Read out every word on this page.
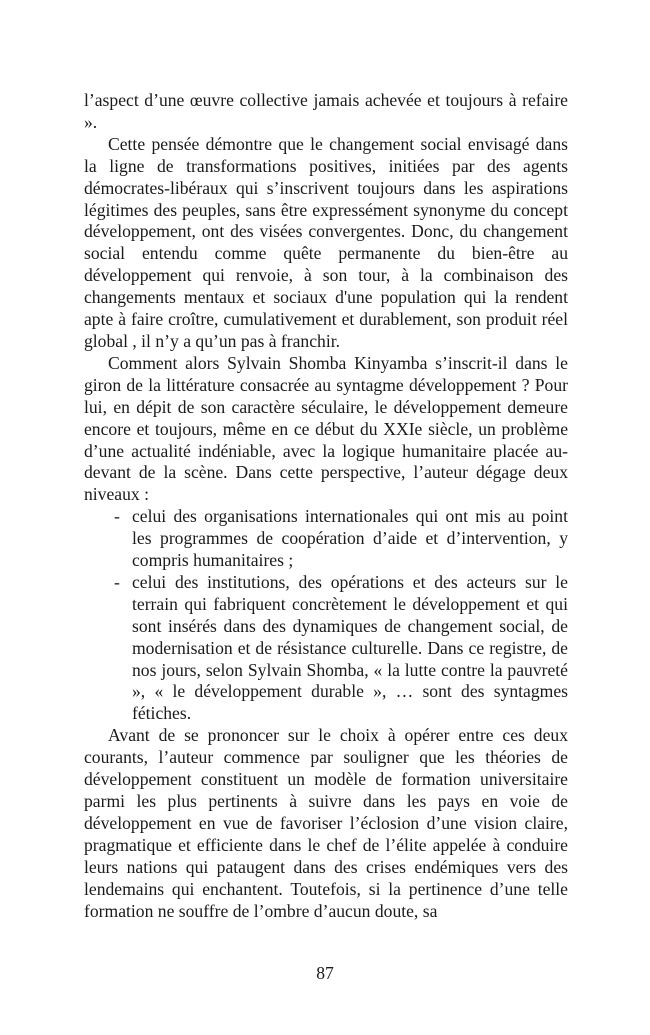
l’aspect d’une œuvre collective jamais achevée et toujours à refaire ».

Cette pensée démontre que le changement social envisagé dans la ligne de transformations positives, initiées par des agents démocrates-libéraux qui s’inscrivent toujours dans les aspirations légitimes des peuples, sans être expressément synonyme du concept développement, ont des visées convergentes. Donc, du changement social entendu comme quête permanente du bien-être au développement qui renvoie, à son tour, à la combinaison des changements mentaux et sociaux d'une population qui la rendent apte à faire croître, cumulativement et durablement, son produit réel global , il n’y a qu’un pas à franchir.

Comment alors Sylvain Shomba Kinyamba s’inscrit-il dans le giron de la littérature consacrée au syntagme développement ? Pour lui, en dépit de son caractère séculaire, le développement demeure encore et toujours, même en ce début du XXIe siècle, un problème d’une actualité indéniable, avec la logique humanitaire placée au-devant de la scène. Dans cette perspective, l’auteur dégage deux niveaux :

- celui des organisations internationales qui ont mis au point les programmes de coopération d’aide et d’intervention, y compris humanitaires ;
- celui des institutions, des opérations et des acteurs sur le terrain qui fabriquent concrètement le développement et qui sont insérés dans des dynamiques de changement social, de modernisation et de résistance culturelle. Dans ce registre, de nos jours, selon Sylvain Shomba, « la lutte contre la pauvreté », « le développement durable », … sont des syntagmes fétiches.

Avant de se prononcer sur le choix à opérer entre ces deux courants, l’auteur commence par souligner que les théories de développement constituent un modèle de formation universitaire parmi les plus pertinents à suivre dans les pays en voie de développement en vue de favoriser l’éclosion d’une vision claire, pragmatique et efficiente dans le chef de l’élite appelée à conduire leurs nations qui pataugent dans des crises endémiques vers des lendemains qui enchantent. Toutefois, si la pertinence d’une telle formation ne souffre de l’ombre d’aucun doute, sa

87
